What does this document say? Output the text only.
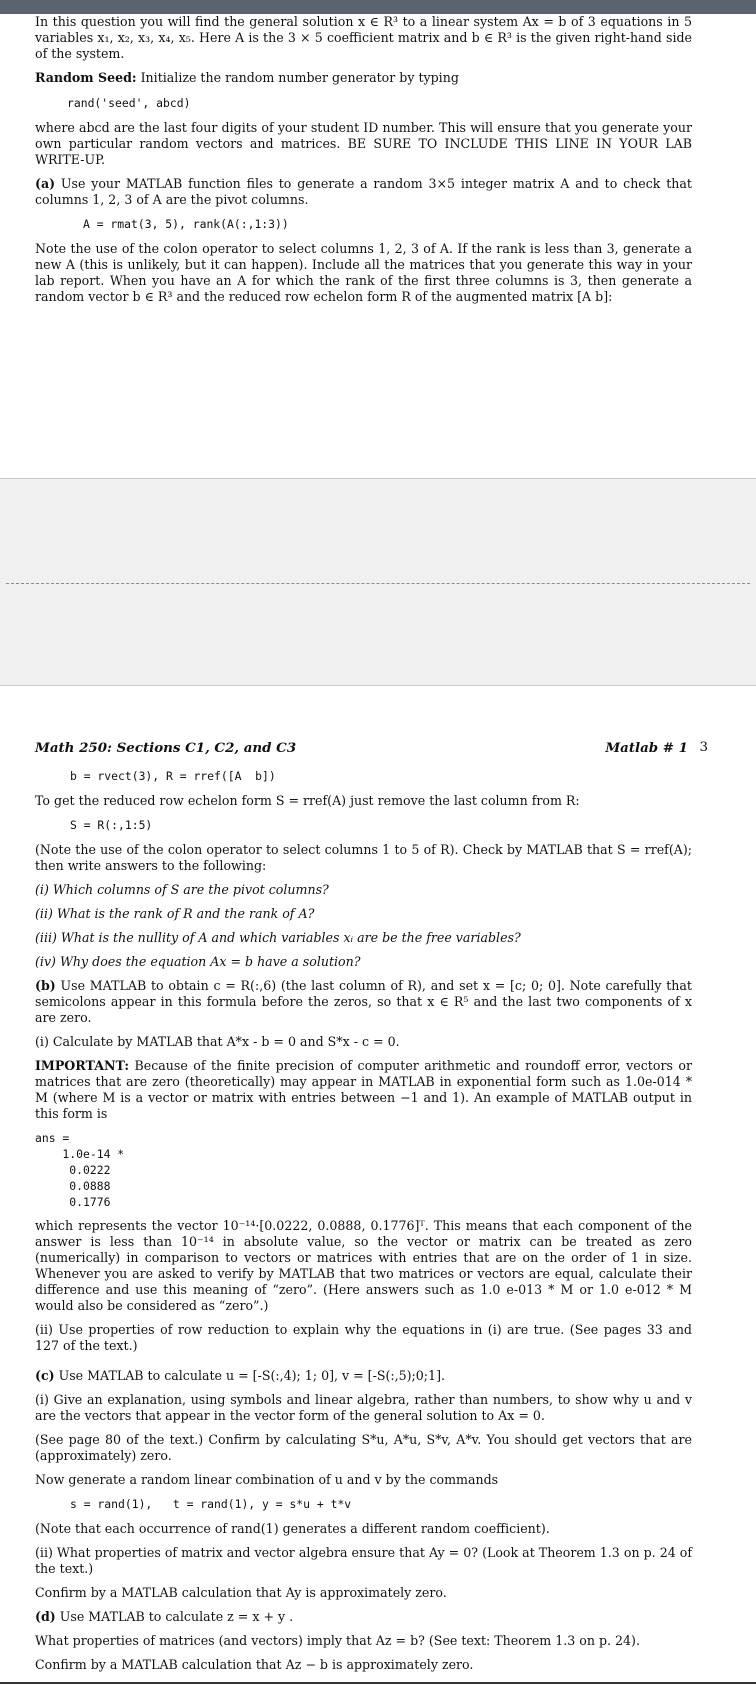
In this question you will find the general solution x ∈ R³ to a linear system Ax = b of 3 equations in 5 variables x₁, x₂, x₃, x₄, x₅. Here A is the 3 × 5 coefficient matrix and b ∈ R³ is the given right-hand side of the system.

Random Seed: Initialize the random number generator by typing

rand('seed', abcd)

where abcd are the last four digits of your student ID number. This will ensure that you generate your own particular random vectors and matrices. BE SURE TO INCLUDE THIS LINE IN YOUR LAB WRITE-UP.

(a) Use your MATLAB function files to generate a random 3×5 integer matrix A and to check that columns 1, 2, 3 of A are the pivot columns.

A = rmat(3, 5), rank(A(:,1:3))

Note the use of the colon operator to select columns 1, 2, 3 of A. If the rank is less than 3, generate a new A (this is unlikely, but it can happen). Include all the matrices that you generate this way in your lab report. When you have an A for which the rank of the first three columns is 3, then generate a random vector b ∈ R³ and the reduced row echelon form R of the augmented matrix [A b]:

Math 250: Sections C1, C2, and C3	Matlab # 1 3
b = rvect(3), R = rref([A  b])

To get the reduced row echelon form S = rref(A) just remove the last column from R:

S = R(:,1:5)

(Note the use of the colon operator to select columns 1 to 5 of R). Check by MATLAB that S = rref(A); then write answers to the following:

(i) Which columns of S are the pivot columns?

(ii) What is the rank of R and the rank of A?

(iii) What is the nullity of A and which variables xᵢ are be the free variables?

(iv) Why does the equation Ax = b have a solution?

(b) Use MATLAB to obtain c = R(:,6) (the last column of R), and set x = [c; 0; 0]. Note carefully that semicolons appear in this formula before the zeros, so that x ∈ R⁵ and the last two components of x are zero.

(i) Calculate by MATLAB that A*x - b = 0 and S*x - c = 0.

IMPORTANT: Because of the finite precision of computer arithmetic and roundoff error, vectors or matrices that are zero (theoretically) may appear in MATLAB in exponential form such as 1.0e-014 * M (where M is a vector or matrix with entries between −1 and 1). An example of MATLAB output in this form is

ans =
1.0e-14 *
0.0222
0.0888
0.1776

which represents the vector 10⁻¹⁴·[0.0222, 0.0888, 0.1776]ᵀ. This means that each component of the answer is less than 10⁻¹⁴ in absolute value, so the vector or matrix can be treated as zero (numerically) in comparison to vectors or matrices with entries that are on the order of 1 in size. Whenever you are asked to verify by MATLAB that two matrices or vectors are equal, calculate their difference and use this meaning of “zero”. (Here answers such as 1.0 e-013 * M or 1.0 e-012 * M would also be considered as “zero”.)

(ii) Use properties of row reduction to explain why the equations in (i) are true. (See pages 33 and 127 of the text.)

(c) Use MATLAB to calculate u = [-S(:,4); 1; 0], v = [-S(:,5);0;1].

(i) Give an explanation, using symbols and linear algebra, rather than numbers, to show why u and v are the vectors that appear in the vector form of the general solution to Ax = 0.

(See page 80 of the text.) Confirm by calculating S*u, A*u, S*v, A*v. You should get vectors that are (approximately) zero.

Now generate a random linear combination of u and v by the commands

s = rand(1),   t = rand(1), y = s*u + t*v

(Note that each occurrence of rand(1) generates a different random coefficient).

(ii) What properties of matrix and vector algebra ensure that Ay = 0? (Look at Theorem 1.3 on p. 24 of the text.)

Confirm by a MATLAB calculation that Ay is approximately zero.

(d) Use MATLAB to calculate z = x + y .

What properties of matrices (and vectors) imply that Az = b? (See text: Theorem 1.3 on p. 24).

Confirm by a MATLAB calculation that Az − b is approximately zero.
